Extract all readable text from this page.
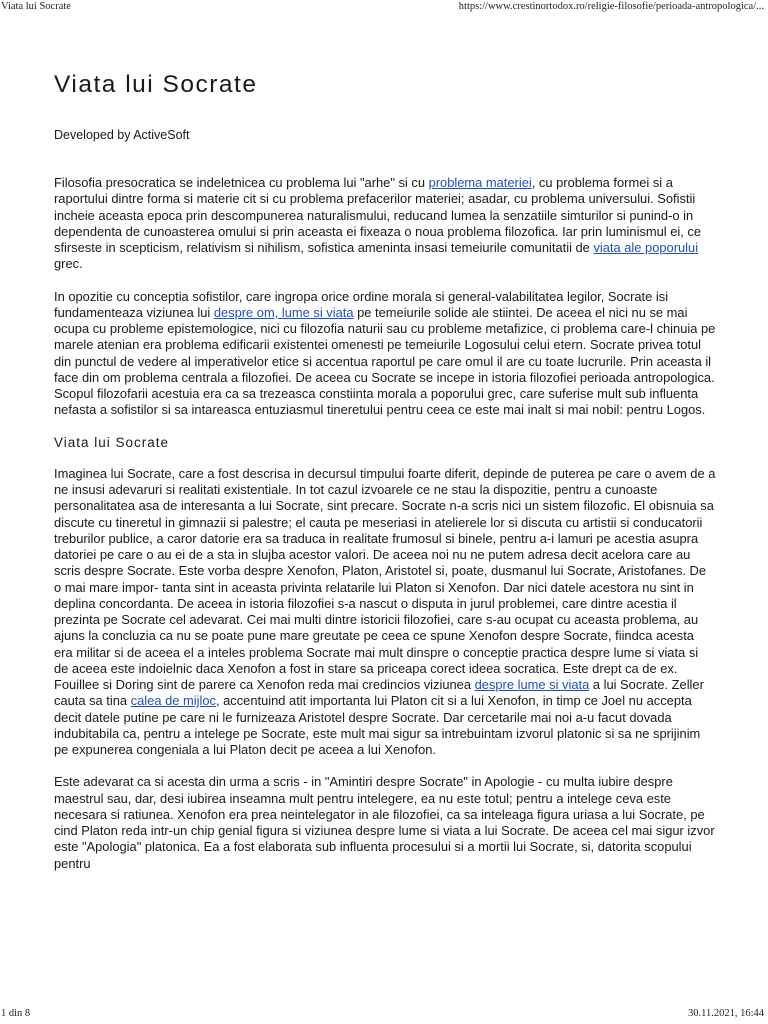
Viata lui Socrate	https://www.crestinortodox.ro/religie-filosofie/perioada-antropologica/...
Viata lui Socrate

Developed by ActiveSoft

Filosofia presocratica se indeletnicea cu problema lui "arhe" si cu problema materiei, cu problema formei si a raportului dintre forma si materie cit si cu problema prefacerilor materiei; asadar, cu problema universului. Sofistii incheie aceasta epoca prin descompunerea naturalismului, reducand lumea la senzatiile simturilor si punind-o in dependenta de cunoasterea omului si prin aceasta ei fixeaza o noua problema filozofica. Iar prin luminismul ei, ce sfirseste in scepticism, relativism si nihilism, sofistica ameninta insasi temeiurile comunitatii de viata ale poporului grec.

In opozitie cu conceptia sofistilor, care ingropa orice ordine morala si general-valabilitatea legilor, Socrate isi fundamenteaza viziunea lui despre om, lume si viata pe temeiurile solide ale stiintei. De aceea el nici nu se mai ocupa cu probleme epistemologice, nici cu filozofia naturii sau cu probleme metafizice, ci problema care-l chinuia pe marele atenian era problema edificarii existentei omenesti pe temeiurile Logosului celui etern. Socrate privea totul din punctul de vedere al imperativelor etice si accentua raportul pe care omul il are cu toate lucrurile. Prin aceasta il face din om problema centrala a filozofiei. De aceea cu Socrate se incepe in istoria filozofiei perioada antropologica. Scopul filozofarii acestuia era ca sa trezeasca constiinta morala a poporului grec, care suferise mult sub influenta nefasta a sofistilor si sa intareasca entuziasmul tineretului pentru ceea ce este mai inalt si mai nobil: pentru Logos.

Viata lui Socrate

Imaginea lui Socrate, care a fost descrisa in decursul timpului foarte diferit, depinde de puterea pe care o avem de a ne insusi adevaruri si realitati existentiale. In tot cazul izvoarele ce ne stau la dispozitie, pentru a cunoaste personalitatea asa de interesanta a lui Socrate, sint precare. Socrate n-a scris nici un sistem filozofic. El obisnuia sa discute cu tineretul in gimnazii si palestre; el cauta pe meseriasi in atelierele lor si discuta cu artistii si conducatorii treburilor publice, a caror datorie era sa traduca in realitate frumosul si binele, pentru a-i lamuri pe acestia asupra datoriei pe care o au ei de a sta in slujba acestor valori. De aceea noi nu ne putem adresa decit acelora care au scris despre Socrate. Este vorba despre Xenofon, Platon, Aristotel si, poate, dusmanul lui Socrate, Aristofanes. De o mai mare impor- tanta sint in aceasta privinta relatarile lui Platon si Xenofon. Dar nici datele acestora nu sint in deplina concordanta. De aceea in istoria filozofiei s-a nascut o disputa in jurul problemei, care dintre acestia il prezinta pe Socrate cel adevarat. Cei mai multi dintre istoricii filozofiei, care s-au ocupat cu aceasta problema, au ajuns la concluzia ca nu se poate pune mare greutate pe ceea ce spune Xenofon despre Socrate, fiindca acesta era militar si de aceea el a inteles problema Socrate mai mult dinspre o conceptie practica despre lume si viata si de aceea este indoielnic daca Xenofon a fost in stare sa priceapa corect ideea socratica. Este drept ca de ex. Fouillee si Doring sint de parere ca Xenofon reda mai credincios viziunea despre lume si viata a lui Socrate. Zeller cauta sa tina calea de mijloc, accentuind atit importanta lui Platon cit si a lui Xenofon, in timp ce Joel nu accepta decit datele putine pe care ni le furnizeaza Aristotel despre Socrate. Dar cercetarile mai noi a-u facut dovada indubitabila ca, pentru a intelege pe Socrate, este mult mai sigur sa intrebuintam izvorul platonic si sa ne sprijinim pe expunerea congeniala a lui Platon decit pe aceea a lui Xenofon.

Este adevarat ca si acesta din urma a scris - in "Amintiri despre Socrate" in Apologie - cu multa iubire despre maestrul sau, dar, desi iubirea inseamna mult pentru intelegere, ea nu este totul; pentru a intelege ceva este necesara si ratiunea. Xenofon era prea neintelegator in ale filozofiei, ca sa inteleaga figura uriasa a lui Socrate, pe cind Platon reda intr-un chip genial figura si viziunea despre lume si viata a lui Socrate. De aceea cel mai sigur izvor este "Apologia" platonica. Ea a fost elaborata sub influenta procesului si a mortii lui Socrate, si, datorita scopului pentru

1 din 8	30.11.2021, 16:44
